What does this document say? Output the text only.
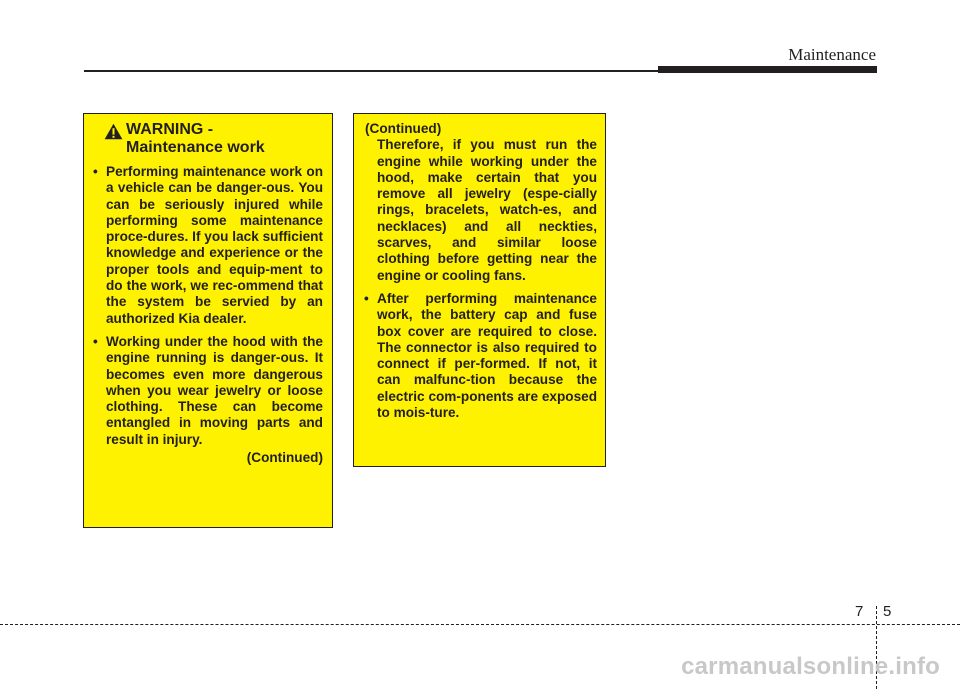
Maintenance
WARNING -
Maintenance work
• Performing maintenance work on a vehicle can be danger-ous. You can be seriously injured while performing some maintenance proce-dures. If you lack sufficient knowledge and experience or the proper tools and equip-ment to do the work, we rec-ommend that the system be servied by an authorized Kia dealer.
• Working under the hood with the engine running is danger-ous. It becomes even more dangerous when you wear jewelry or loose clothing. These can become entangled in moving parts and result in injury.
(Continued)
(Continued)
Therefore, if you must run the engine while working under the hood, make certain that you remove all jewelry (espe-cially rings, bracelets, watch-es, and necklaces) and all neckties, scarves, and similar loose clothing before getting near the engine or cooling fans.
• After performing maintenance work, the battery cap and fuse box cover are required to close. The connector is also required to connect if per-formed. If not, it can malfunc-tion because the electric com-ponents are exposed to mois-ture.
7 5
carmanualsonline.info
